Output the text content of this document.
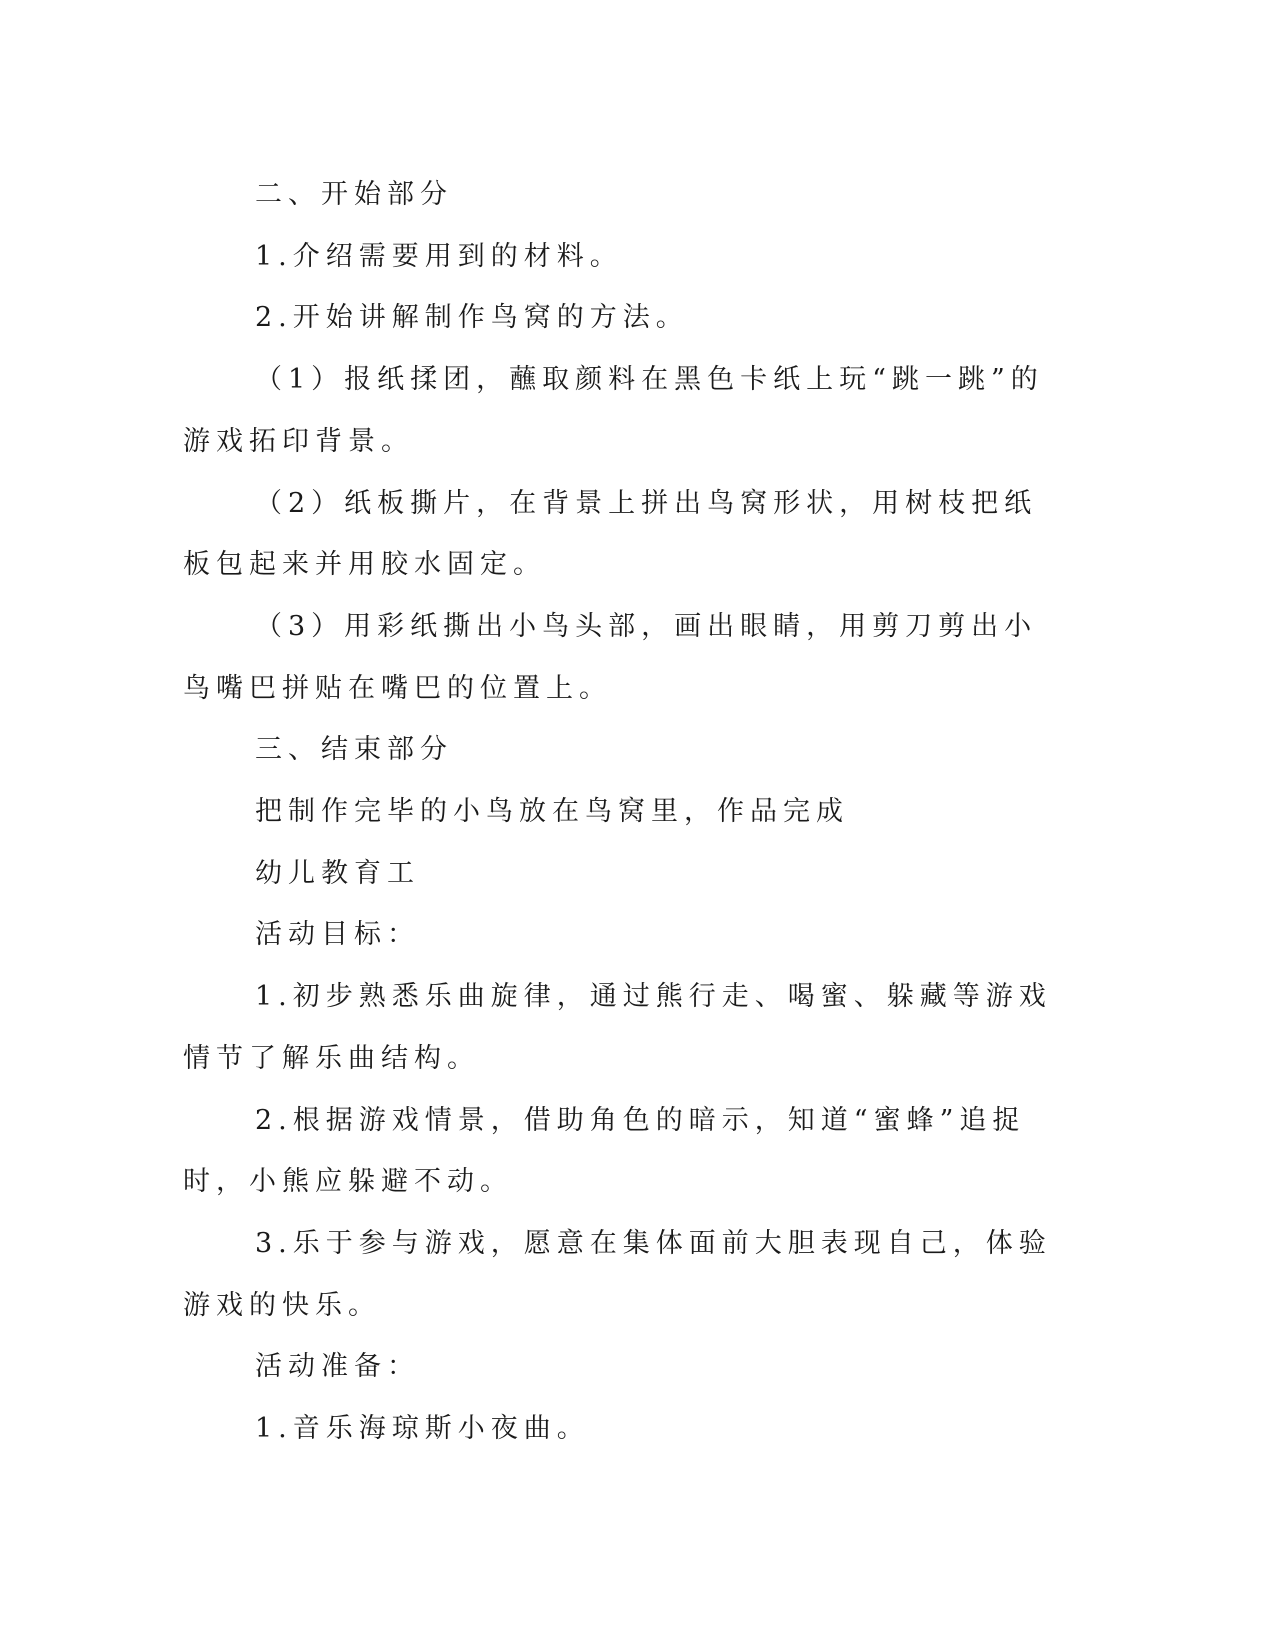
二、开始部分

1.介绍需要用到的材料。

2.开始讲解制作鸟窝的方法。

（1）报纸揉团，蘸取颜料在黑色卡纸上玩“跳一跳”的游戏拓印背景。

（2）纸板撕片，在背景上拼出鸟窝形状，用树枝把纸板包起来并用胶水固定。

（3）用彩纸撕出小鸟头部，画出眼睛，用剪刀剪出小鸟嘴巴拼贴在嘴巴的位置上。

三、结束部分

把制作完毕的小鸟放在鸟窝里，作品完成

幼儿教育工

活动目标：

1.初步熟悉乐曲旋律，通过熊行走、喝蜜、躲藏等游戏情节了解乐曲结构。

2.根据游戏情景，借助角色的暗示，知道“蜜蜂”追捉时，小熊应躲避不动。

3.乐于参与游戏，愿意在集体面前大胆表现自己，体验游戏的快乐。

活动准备：

1.音乐海琼斯小夜曲。
